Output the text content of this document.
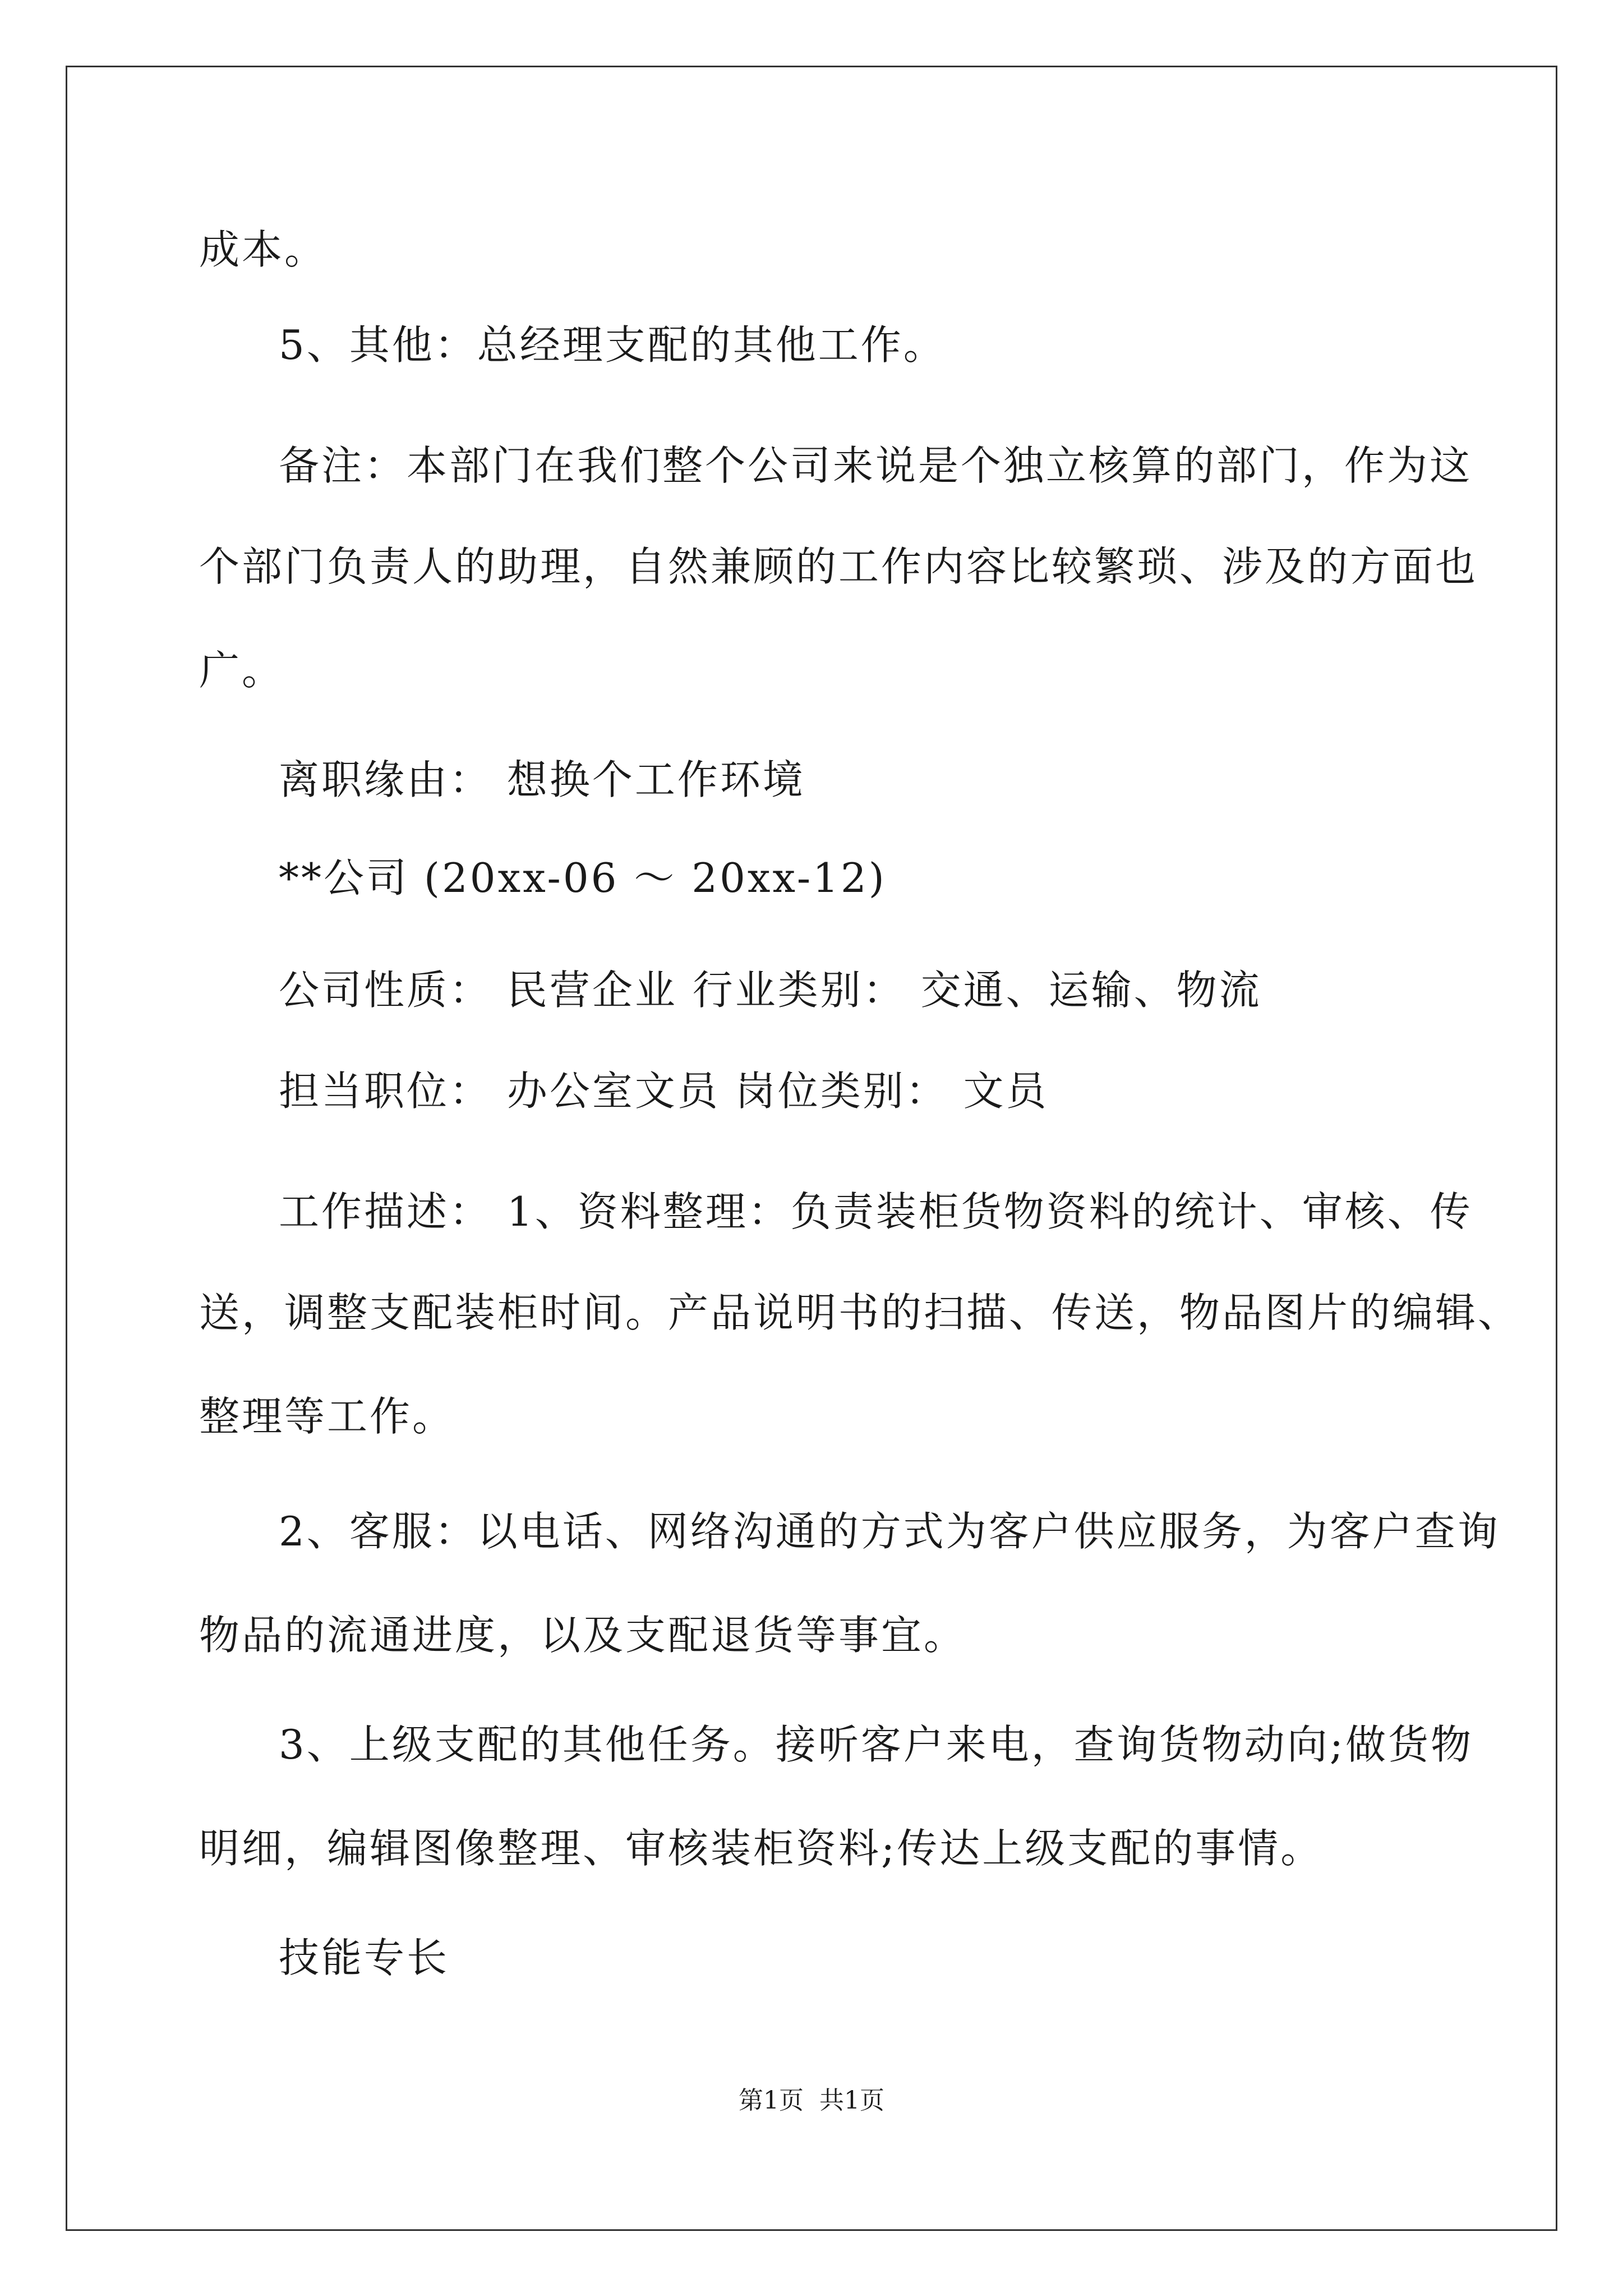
成本。
5、其他：总经理支配的其他工作。
备注：本部门在我们整个公司来说是个独立核算的部门，作为这
个部门负责人的助理，自然兼顾的工作内容比较繁琐、涉及的方面也
广。
离职缘由： 想换个工作环境
**公司 (20xx-06 ～ 20xx-12)
公司性质： 民营企业 行业类别： 交通、运输、物流
担当职位： 办公室文员 岗位类别： 文员
工作描述： 1、资料整理：负责装柜货物资料的统计、审核、传
送，调整支配装柜时间。产品说明书的扫描、传送，物品图片的编辑、
整理等工作。
2、客服：以电话、网络沟通的方式为客户供应服务，为客户查询
物品的流通进度，以及支配退货等事宜。
3、上级支配的其他任务。接听客户来电，查询货物动向;做货物
明细，编辑图像整理、审核装柜资料;传达上级支配的事情。
技能专长
第1页  共1页
